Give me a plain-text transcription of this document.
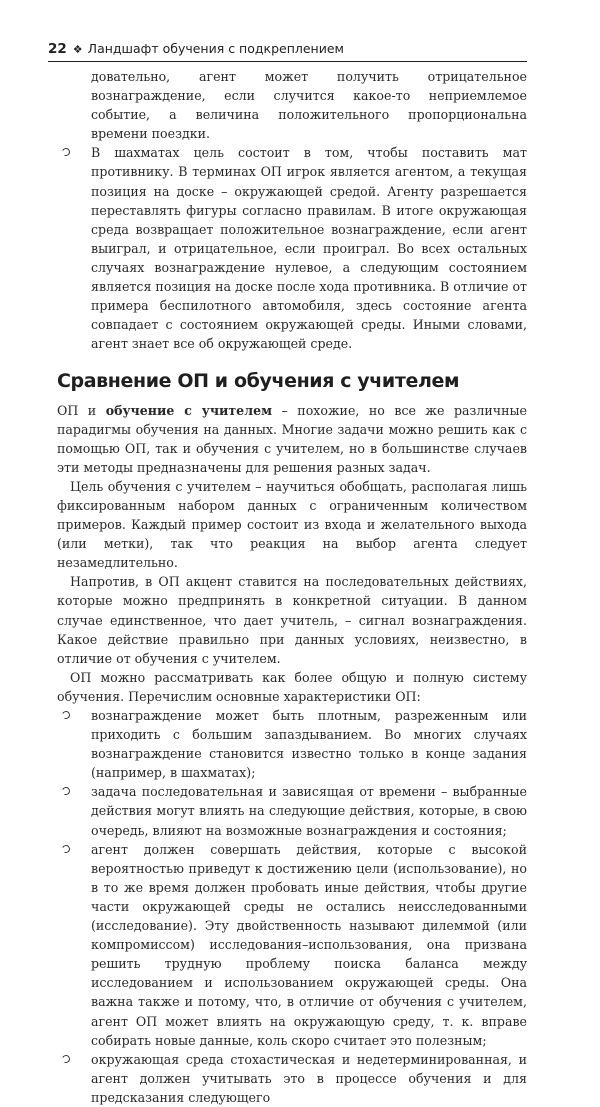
22 ❖ Ландшафт обучения с подкреплением

довательно, агент может получить отрицательное вознаграждение, если случится какое-то неприемлемое событие, а величина положительного пропорциональна времени поездки.

В шахматах цель состоит в том, чтобы поставить мат противнику. В терминах ОП игрок является агентом, а текущая позиция на доске – окружающей средой. Агенту разрешается переставлять фигуры согласно правилам. В итоге окружающая среда возвращает положительное вознаграждение, если агент выиграл, и отрицательное, если проиграл. Во всех остальных случаях вознаграждение нулевое, а следующим состоянием является позиция на доске после хода противника. В отличие от примера беспилотного автомобиля, здесь состояние агента совпадает с состоянием окружающей среды. Иными словами, агент знает все об окружающей среде.

Сравнение ОП и обучения с учителем

ОП и обучение с учителем – похожие, но все же различные парадигмы обучения на данных. Многие задачи можно решить как с помощью ОП, так и обучения с учителем, но в большинстве случаев эти методы предназначены для решения разных задач.

Цель обучения с учителем – научиться обобщать, располагая лишь фиксированным набором данных с ограниченным количеством примеров. Каждый пример состоит из входа и желательного выхода (или метки), так что реакция на выбор агента следует незамедлительно.

Напротив, в ОП акцент ставится на последовательных действиях, которые можно предпринять в конкретной ситуации. В данном случае единственное, что дает учитель, – сигнал вознаграждения. Какое действие правильно при данных условиях, неизвестно, в отличие от обучения с учителем.

ОП можно рассматривать как более общую и полную систему обучения. Перечислим основные характеристики ОП:

вознаграждение может быть плотным, разреженным или приходить с большим запаздыванием. Во многих случаях вознаграждение становится известно только в конце задания (например, в шахматах);

задача последовательная и зависящая от времени – выбранные действия могут влиять на следующие действия, которые, в свою очередь, влияют на возможные вознаграждения и состояния;

агент должен совершать действия, которые с высокой вероятностью приведут к достижению цели (использование), но в то же время должен пробовать иные действия, чтобы другие части окружающей среды не остались неисследованными (исследование). Эту двойственность называют дилеммой (или компромиссом) исследования–использования, она призвана решить трудную проблему поиска баланса между исследованием и использованием окружающей среды. Она важна также и потому, что, в отличие от обучения с учителем, агент ОП может влиять на окружающую среду, т. к. вправе собирать новые данные, коль скоро считает это полезным;

окружающая среда стохастическая и недетерминированная, и агент должен учитывать это в процессе обучения и для предсказания следующего
